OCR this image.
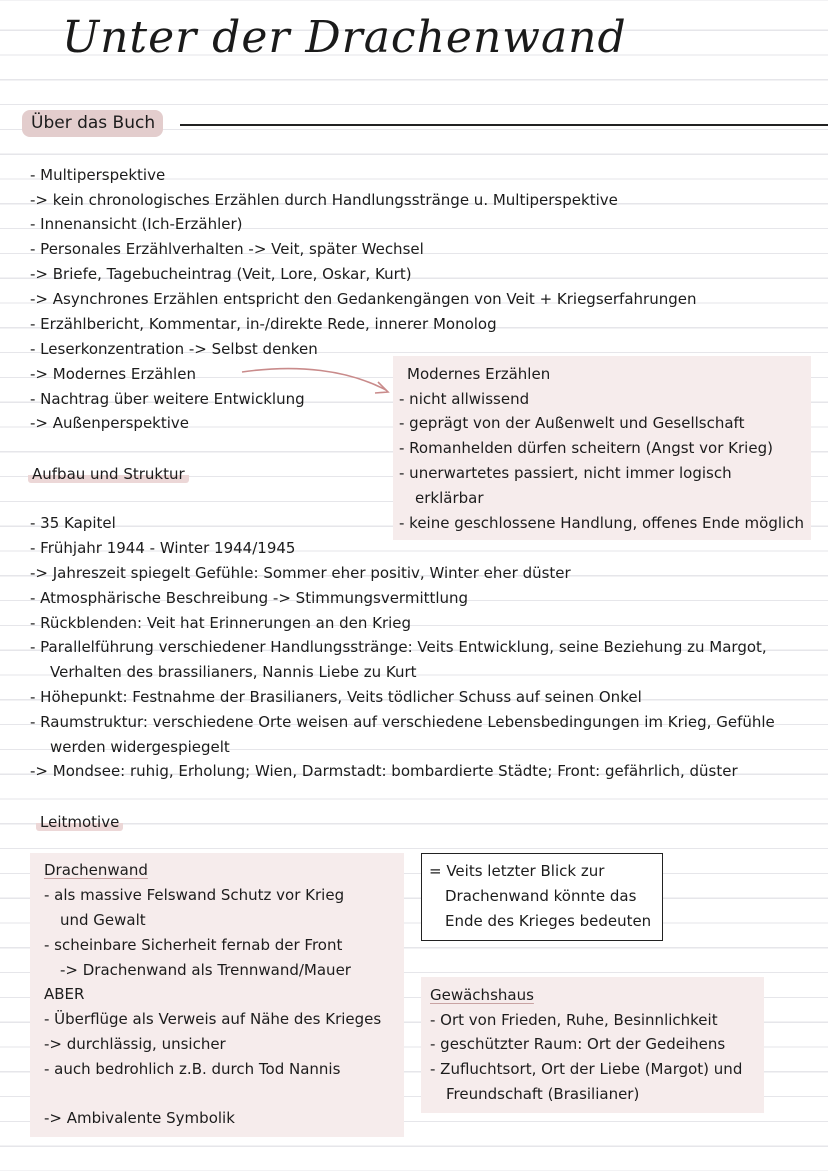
Unter der Drachenwand
Über das Buch
- Multiperspektive
-> kein chronologisches Erzählen durch Handlungsstränge u. Multiperspektive
- Innenansicht (Ich-Erzähler)
- Personales Erzählverhalten -> Veit, später Wechsel
-> Briefe, Tagebucheintrag (Veit, Lore, Oskar, Kurt)
-> Asynchrones Erzählen entspricht den Gedankengängen von Veit + Kriegserfahrungen
- Erzählbericht, Kommentar, in-/direkte Rede, innerer Monolog
- Leserkonzentration -> Selbst denken
-> Modernes Erzählen
- Nachtrag über weitere Entwicklung
-> Außenperspektive
Modernes Erzählen
- nicht allwissend
- geprägt von der Außenwelt und Gesellschaft
- Romanhelden dürfen scheitern (Angst vor Krieg)
- unerwartetes passiert, nicht immer logisch
erklärbar
- keine geschlossene Handlung, offenes Ende möglich
Aufbau und Struktur
- 35 Kapitel
- Frühjahr 1944 - Winter 1944/1945
-> Jahreszeit spiegelt Gefühle: Sommer eher positiv, Winter eher düster
- Atmosphärische Beschreibung -> Stimmungsvermittlung
- Rückblenden: Veit hat Erinnerungen an den Krieg
- Parallelführung verschiedener Handlungsstränge: Veits Entwicklung, seine Beziehung zu Margot,
Verhalten des brassilianers, Nannis Liebe zu Kurt
- Höhepunkt: Festnahme der Brasilianers, Veits tödlicher Schuss auf seinen Onkel
- Raumstruktur: verschiedene Orte weisen auf verschiedene Lebensbedingungen im Krieg, Gefühle
werden widergespiegelt
-> Mondsee: ruhig, Erholung; Wien, Darmstadt: bombardierte Städte; Front: gefährlich, düster
Leitmotive
Drachenwand
- als massive Felswand Schutz vor Krieg
und Gewalt
- scheinbare Sicherheit fernab der Front
-> Drachenwand als Trennwand/Mauer
ABER
- Überflüge als Verweis auf Nähe des Krieges
-> durchlässig, unsicher
- auch bedrohlich z.B. durch Tod Nannis
-> Ambivalente Symbolik
= Veits letzter Blick zur
Drachenwand könnte das
Ende des Krieges bedeuten
Gewächshaus
- Ort von Frieden, Ruhe, Besinnlichkeit
- geschützter Raum: Ort der Gedeihens
- Zufluchtsort, Ort der Liebe (Margot) und
Freundschaft (Brasilianer)
